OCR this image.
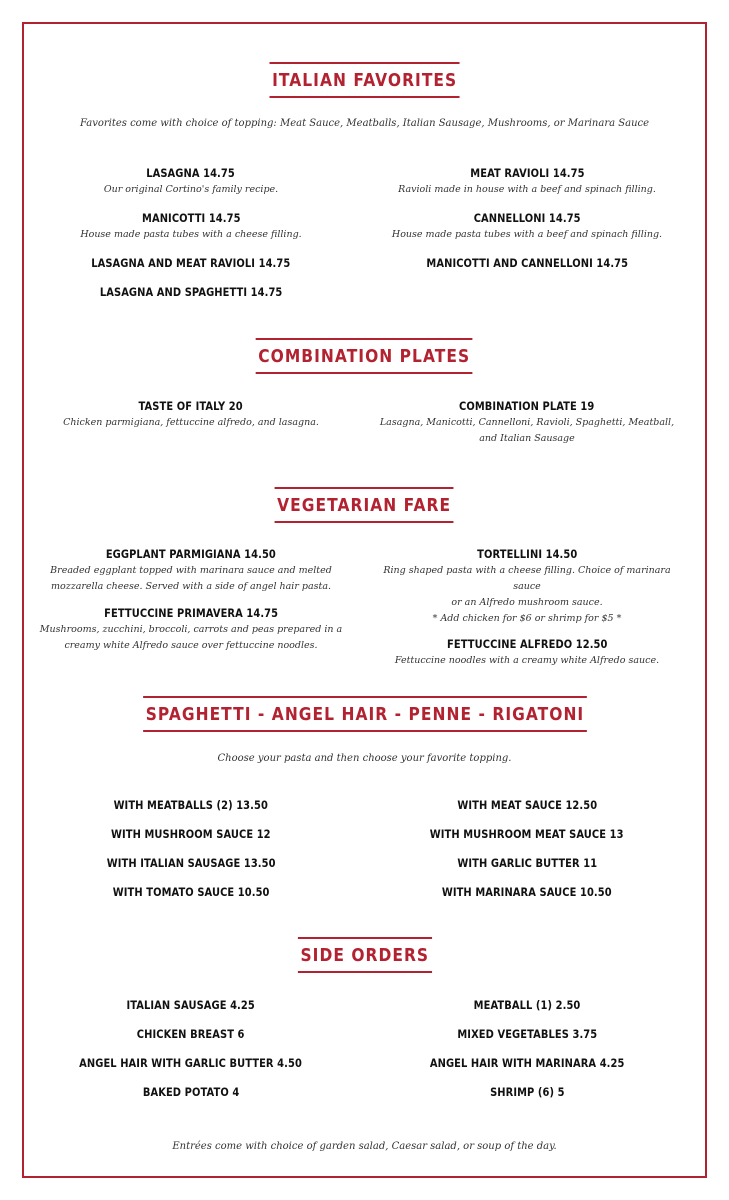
ITALIAN FAVORITES
Favorites come with choice of topping: Meat Sauce, Meatballs, Italian Sausage, Mushrooms, or Marinara Sauce
LASAGNA 14.75
Our original Cortino's family recipe.
MANICOTTI 14.75
House made pasta tubes with a cheese filling.
LASAGNA AND MEAT RAVIOLI 14.75
LASAGNA AND SPAGHETTI 14.75
MEAT RAVIOLI 14.75
Ravioli made in house with a beef and spinach filling.
CANNELLONI 14.75
House made pasta tubes with a beef and spinach filling.
MANICOTTI AND CANNELLONI 14.75
COMBINATION PLATES
TASTE OF ITALY 20
Chicken parmigiana, fettuccine alfredo, and lasagna.
COMBINATION PLATE 19
Lasagna, Manicotti, Cannelloni, Ravioli, Spaghetti, Meatball,
and Italian Sausage
VEGETARIAN FARE
EGGPLANT PARMIGIANA 14.50
Breaded eggplant topped with marinara sauce and melted
mozzarella cheese. Served with a side of angel hair pasta.
FETTUCCINE PRIMAVERA 14.75
Mushrooms, zucchini, broccoli, carrots and peas prepared in a
creamy white Alfredo sauce over fettuccine noodles.
TORTELLINI 14.50
Ring shaped pasta with a cheese filling. Choice of marinara sauce
or an Alfredo mushroom sauce.
* Add chicken for $6 or shrimp for $5 *
FETTUCCINE ALFREDO 12.50
Fettuccine noodles with a creamy white Alfredo sauce.
SPAGHETTI - ANGEL HAIR - PENNE - RIGATONI
Choose your pasta and then choose your favorite topping.
WITH MEATBALLS (2) 13.50
WITH MUSHROOM SAUCE 12
WITH ITALIAN SAUSAGE 13.50
WITH TOMATO SAUCE 10.50
WITH MEAT SAUCE 12.50
WITH MUSHROOM MEAT SAUCE 13
WITH GARLIC BUTTER 11
WITH MARINARA SAUCE 10.50
SIDE ORDERS
ITALIAN SAUSAGE 4.25
CHICKEN BREAST 6
ANGEL HAIR WITH GARLIC BUTTER 4.50
BAKED POTATO 4
MEATBALL (1) 2.50
MIXED VEGETABLES 3.75
ANGEL HAIR WITH MARINARA 4.25
SHRIMP (6) 5
Entrées come with choice of garden salad, Caesar salad, or soup of the day.
